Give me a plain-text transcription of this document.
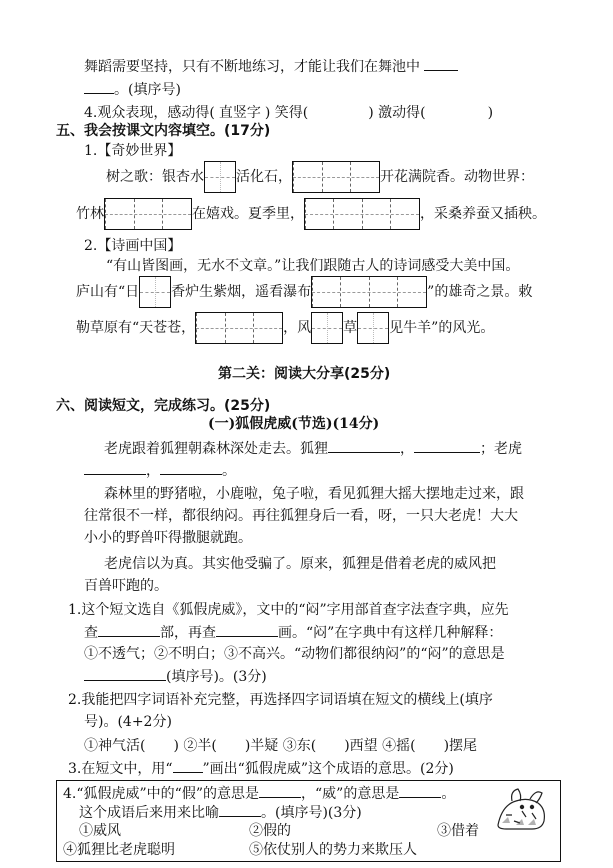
舞蹈需要坚持，只有不断地练习，才能让我们在舞池中
。(填序号)
4.观众表现，感动得( 直竖字 ) 笑得(	) 激动得(	)
五、我会按课文内容填空。(17分)
1.【奇妙世界】
树之歌：银杏水 活化石，	开花满院香。动物世界：
竹林	在嬉戏。夏季里，	，采桑养蚕又插秧。
2.【诗画中国】
“有山皆图画，无水不文章。”让我们跟随古人的诗词感受大美中国。
庐山有“日 香炉生紫烟，遥看瀑布	”的雄奇之景。敕
勒草原有“天苍苍，	，风 草 见牛羊”的风光。
第二关：阅读大分享(25分)
六、阅读短文，完成练习。(25分)
(一)狐假虎威(节选)(14分)
老虎跟着狐狸朝森林深处走去。狐狸	，	；老虎
，	。
森林里的野猪啦，小鹿啦，兔子啦，看见狐狸大摇大摆地走过来，跟
往常很不一样，都很纳闷。再往狐狸身后一看，呀，一只大老虎！大大
小小的野兽吓得撒腿就跑。
老虎信以为真。其实他受骗了。原来，狐狸是借着老虎的威风把
百兽吓跑的。
1.这个短文选自《狐假虎威》，文中的“闷”字用部首查字法查字典，应先
查	部，再查	画。“闷”在字典中有这样几种解释：
①不透气；②不明白；③不高兴。“动物们都很纳闷”的“闷”的意思是
(填序号)。(3分)
2.我能把四字词语补充完整，再选择四字词语填在短文的横线上(填序
号)。(4+2分)
①神气活( ) ②半( )半疑 ③东( )西望 ④摇( )摆尾
3.在短文中，用“ ”画出“狐假虎威”这个成语的意思。(2分)
4.“狐假虎威”中的“假”的意思是	，“威”的意思是	。
这个成语后来用来比喻	。(填序号)(3分)
①威风	②假的	③借着
④狐狸比老虎聪明	⑤依仗别人的势力来欺压人
